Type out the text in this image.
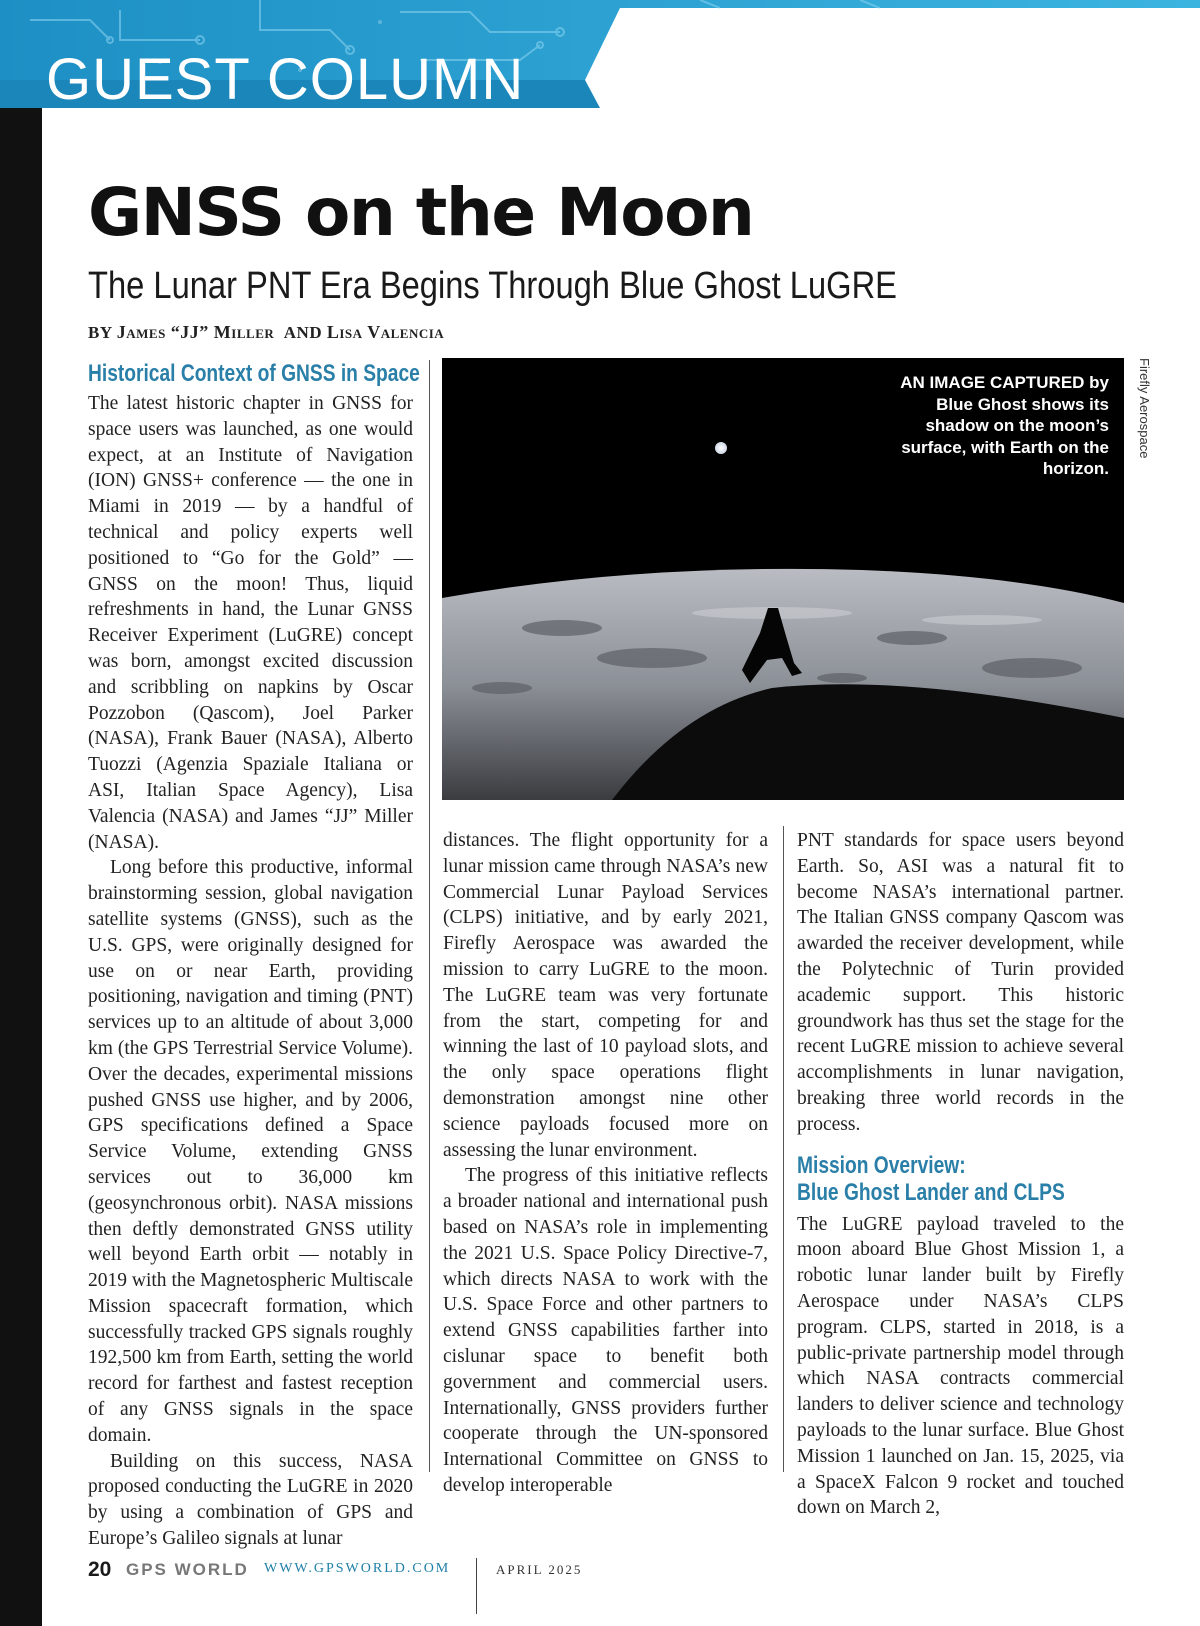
GUEST COLUMN
GNSS on the Moon
The Lunar PNT Era Begins Through Blue Ghost LuGRE
BY James “JJ” Miller AND Lisa Valencia
Historical Context of GNSS in Space

The latest historic chapter in GNSS for space users was launched, as one would expect, at an Institute of Navigation (ION) GNSS+ conference — the one in Miami in 2019 — by a handful of technical and policy experts well positioned to “Go for the Gold” — GNSS on the moon! Thus, liquid refreshments in hand, the Lunar GNSS Receiver Experiment (LuGRE) concept was born, amongst excited discussion and scribbling on napkins by Oscar Pozzobon (Qascom), Joel Parker (NASA), Frank Bauer (NASA), Alberto Tuozzi (Agenzia Spaziale Italiana or ASI, Italian Space Agency), Lisa Valencia (NASA) and James “JJ” Miller (NASA).

Long before this productive, informal brainstorming session, global navigation satellite systems (GNSS), such as the U.S. GPS, were originally designed for use on or near Earth, providing positioning, navigation and timing (PNT) services up to an altitude of about 3,000 km (the GPS Terrestrial Service Volume). Over the decades, experimental missions pushed GNSS use higher, and by 2006, GPS specifications defined a Space Service Volume, extending GNSS services out to 36,000 km (geosynchronous orbit). NASA missions then deftly demonstrated GNSS utility well beyond Earth orbit — notably in 2019 with the Magnetospheric Multiscale Mission spacecraft formation, which successfully tracked GPS signals roughly 192,500 km from Earth, setting the world record for farthest and fastest reception of any GNSS signals in the space domain.

Building on this success, NASA proposed conducting the LuGRE in 2020 by using a combination of GPS and Europe’s Galileo signals at lunar

AN IMAGE CAPTURED by Blue Ghost shows its shadow on the moon’s surface, with Earth on the horizon.
Firefly Aerospace

distances. The flight opportunity for a lunar mission came through NASA’s new Commercial Lunar Payload Services (CLPS) initiative, and by early 2021, Firefly Aerospace was awarded the mission to carry LuGRE to the moon. The LuGRE team was very fortunate from the start, competing for and winning the last of 10 payload slots, and the only space operations flight demonstration amongst nine other science payloads focused more on assessing the lunar environment.

The progress of this initiative reflects a broader national and international push based on NASA’s role in implementing the 2021 U.S. Space Policy Directive-7, which directs NASA to work with the U.S. Space Force and other partners to extend GNSS capabilities farther into cislunar space to benefit both government and commercial users. Internationally, GNSS providers further cooperate through the UN-sponsored International Committee on GNSS to develop interoperable

PNT standards for space users beyond Earth. So, ASI was a natural fit to become NASA’s international partner. The Italian GNSS company Qascom was awarded the receiver development, while the Polytechnic of Turin provided academic support. This historic groundwork has thus set the stage for the recent LuGRE mission to achieve several accomplishments in lunar navigation, breaking three world records in the process.

Mission Overview:
Blue Ghost Lander and CLPS

The LuGRE payload traveled to the moon aboard Blue Ghost Mission 1, a robotic lunar lander built by Firefly Aerospace under NASA’s CLPS program. CLPS, started in 2018, is a public-private partnership model through which NASA contracts commercial landers to deliver science and technology payloads to the lunar surface. Blue Ghost Mission 1 launched on Jan. 15, 2025, via a SpaceX Falcon 9 rocket and touched down on March 2,

20 GPS WORLD WWW.GPSWORLD.COM	APRIL 2025
